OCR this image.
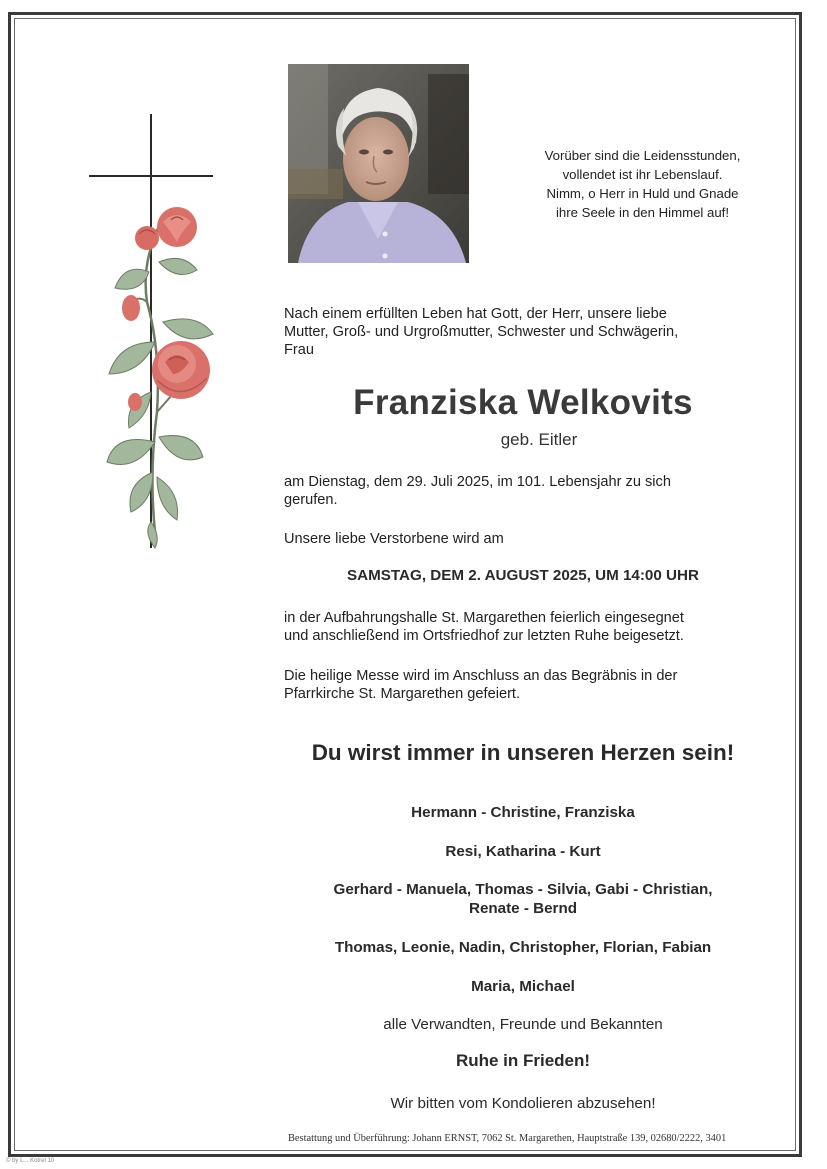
Vorüber sind die Leidensstunden,
vollendet ist ihr Lebenslauf.
Nimm, o Herr in Huld und Gnade
ihre Seele in den Himmel auf!
Nach einem erfüllten Leben hat Gott, der Herr, unsere liebe
Mutter, Groß- und Urgroßmutter, Schwester und Schwägerin,
Frau
Franziska Welkovits
geb. Eitler
am Dienstag, dem 29. Juli 2025, im 101. Lebensjahr zu sich
gerufen.
Unsere liebe Verstorbene wird am
SAMSTAG, DEM 2. AUGUST 2025, UM 14:00 UHR
in der Aufbahrungshalle St. Margarethen feierlich eingesegnet
und anschließend im Ortsfriedhof zur letzten Ruhe beigesetzt.
Die heilige Messe wird im Anschluss an das Begräbnis in der
Pfarrkirche St. Margarethen gefeiert.
Du wirst immer in unseren Herzen sein!
Hermann - Christine, Franziska
Resi, Katharina - Kurt
Gerhard - Manuela, Thomas - Silvia, Gabi - Christian,
Renate - Bernd
Thomas, Leonie, Nadin, Christopher, Florian, Fabian
Maria, Michael
alle Verwandten, Freunde und Bekannten
Ruhe in Frieden!
Wir bitten vom Kondolieren abzusehen!
Bestattung und Überführung: Johann ERNST, 7062 St. Margarethen, Hauptstraße 139, 02680/2222, 3401
© by L... Kotrel 10
